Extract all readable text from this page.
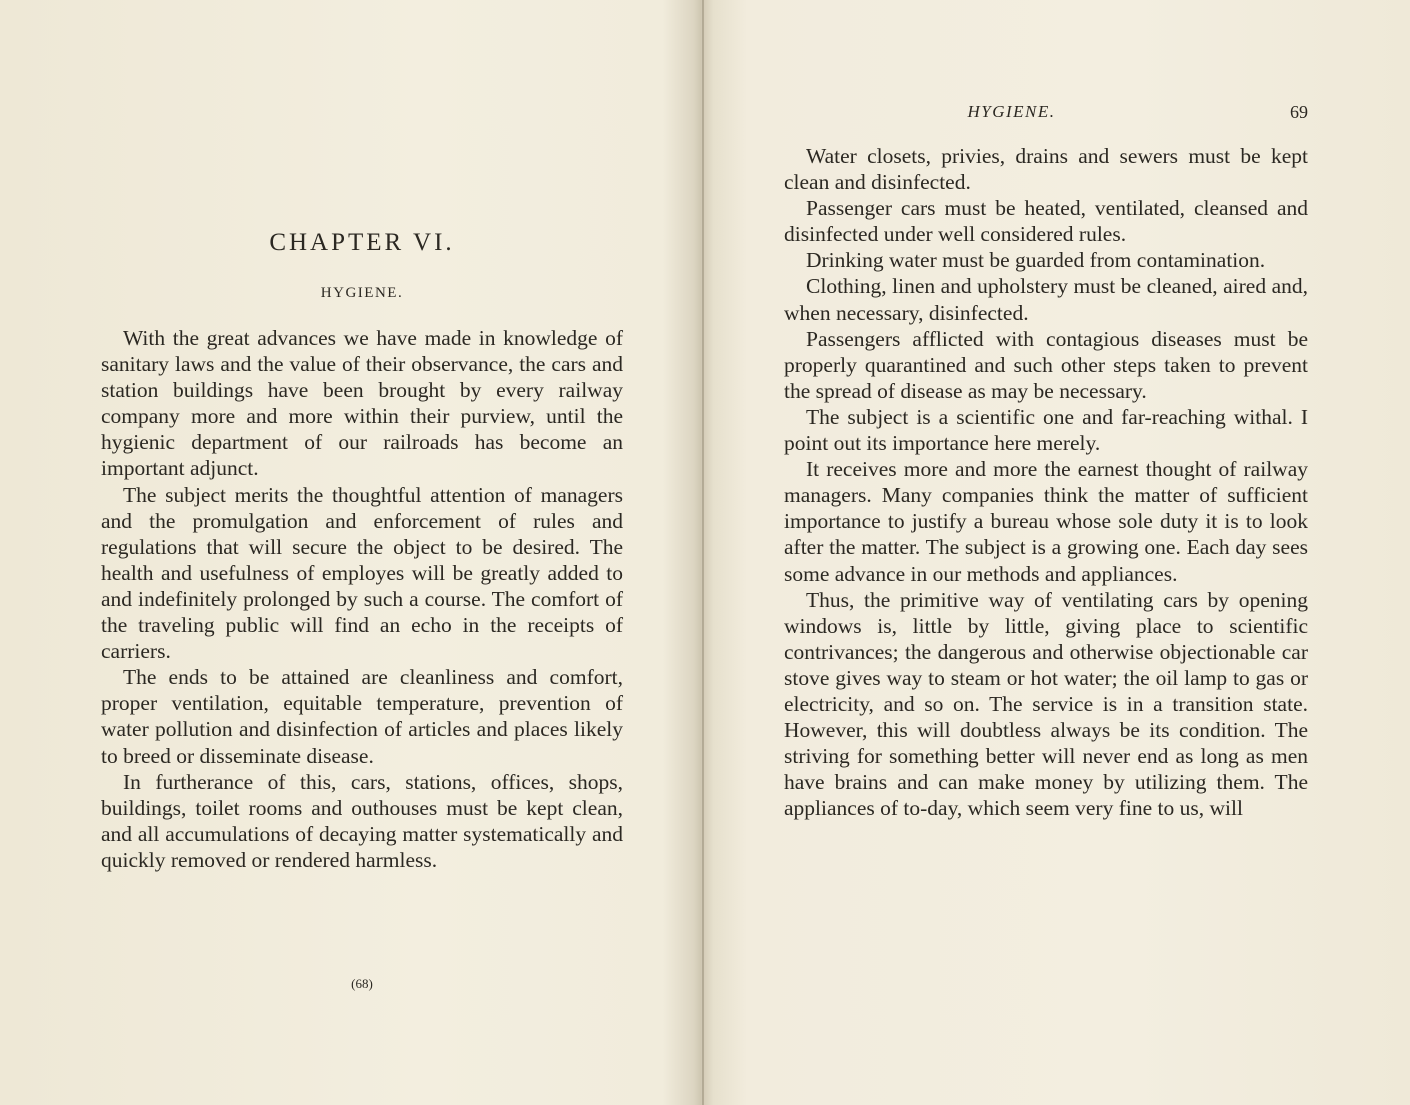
CHAPTER VI.
HYGIENE.

With the great advances we have made in knowledge of sanitary laws and the value of their observance, the cars and station buildings have been brought by every railway company more and more within their purview, until the hygienic department of our railroads has become an important adjunct.

The subject merits the thoughtful attention of managers and the promulgation and enforcement of rules and regulations that will secure the object to be desired. The health and usefulness of employes will be greatly added to and indefinitely prolonged by such a course. The comfort of the traveling public will find an echo in the receipts of carriers.

The ends to be attained are cleanliness and comfort, proper ventilation, equitable temperature, prevention of water pollution and disinfection of articles and places likely to breed or disseminate disease.

In furtherance of this, cars, stations, offices, shops, buildings, toilet rooms and outhouses must be kept clean, and all accumulations of decaying matter systematically and quickly removed or rendered harmless.

(68)
HYGIENE.	69

Water closets, privies, drains and sewers must be kept clean and disinfected.

Passenger cars must be heated, ventilated, cleansed and disinfected under well considered rules.

Drinking water must be guarded from contamination.

Clothing, linen and upholstery must be cleaned, aired and, when necessary, disinfected.

Passengers afflicted with contagious diseases must be properly quarantined and such other steps taken to prevent the spread of disease as may be necessary.

The subject is a scientific one and far-reaching withal. I point out its importance here merely.

It receives more and more the earnest thought of railway managers. Many companies think the matter of sufficient importance to justify a bureau whose sole duty it is to look after the matter. The subject is a growing one. Each day sees some advance in our methods and appliances.

Thus, the primitive way of ventilating cars by opening windows is, little by little, giving place to scientific contrivances; the dangerous and otherwise objectionable car stove gives way to steam or hot water; the oil lamp to gas or electricity, and so on. The service is in a transition state. However, this will doubtless always be its condition. The striving for something better will never end as long as men have brains and can make money by utilizing them. The appliances of to-day, which seem very fine to us, will
